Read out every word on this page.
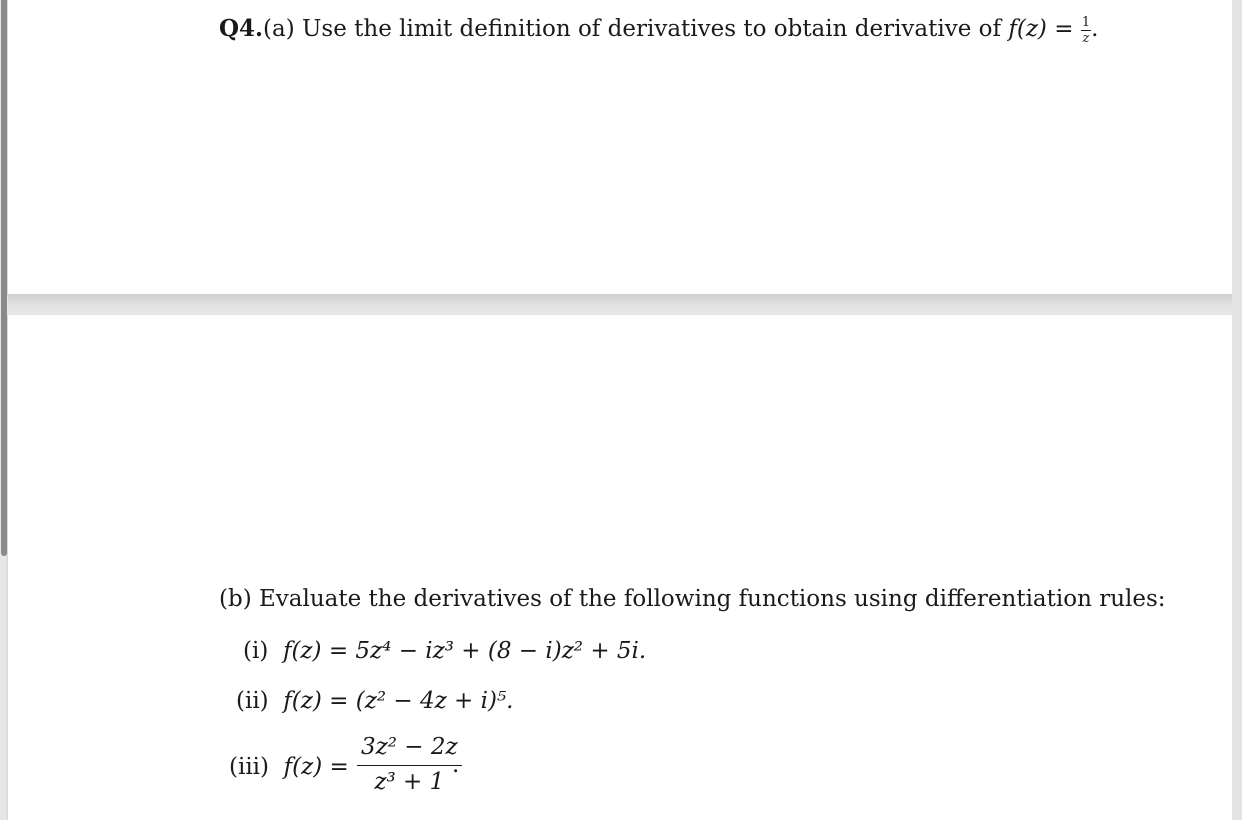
Q4.(a) Use the limit definition of derivatives to obtain derivative of $f(z) = \frac{1}{z}$ .
(b) Evaluate the derivatives of the following functions using differentiation rules:
(i) f(z) = 5z⁴ − iz³ + (8 − i)z² + 5i.
(ii) f(z) = (z² − 4z + i)⁵.
(iii) $f(z) = \frac{\text{3z² − 2z}}{\text{z³ + 1}}$
.
